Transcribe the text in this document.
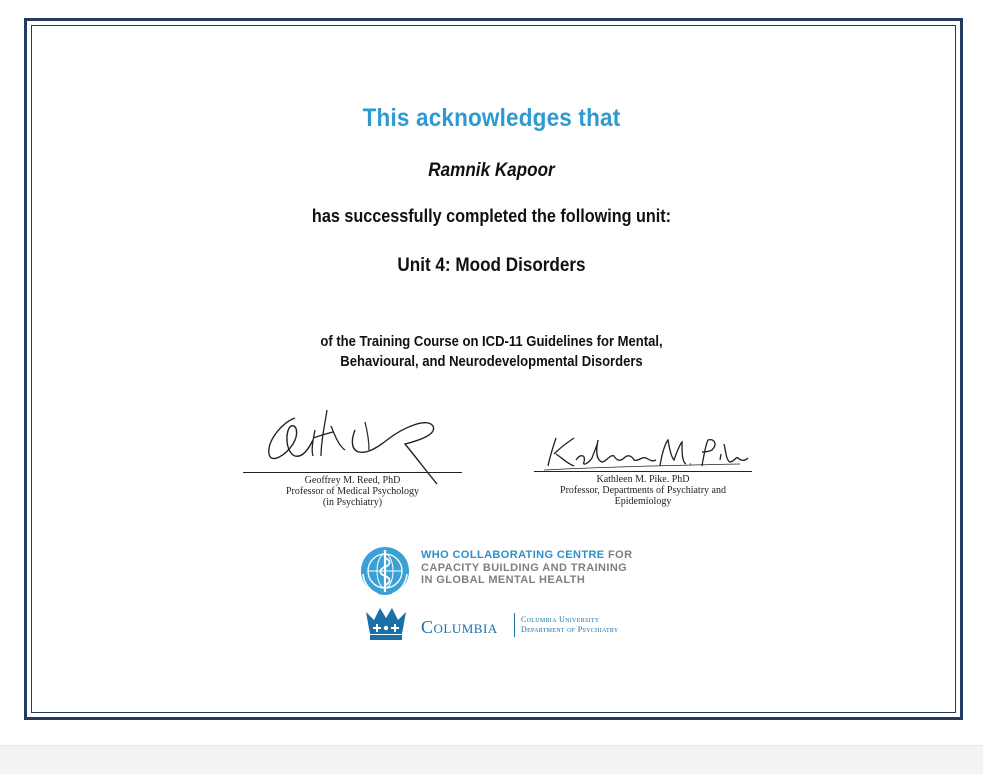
This acknowledges that

Ramnik Kapoor

has successfully completed the following unit:

Unit 4: Mood Disorders

of the Training Course on ICD-11 Guidelines for Mental,
Behavioural, and Neurodevelopmental Disorders

Geoffrey M. Reed, PhD
Professor of Medical Psychology
(in Psychiatry)
Kathleen M. Pike. PhD
Professor, Departments of Psychiatry and
Epidemiology
WHO COLLABORATING CENTRE FOR
CAPACITY BUILDING AND TRAINING
IN GLOBAL MENTAL HEALTH
Columbia	Columbia University
Department of Psychiatry
